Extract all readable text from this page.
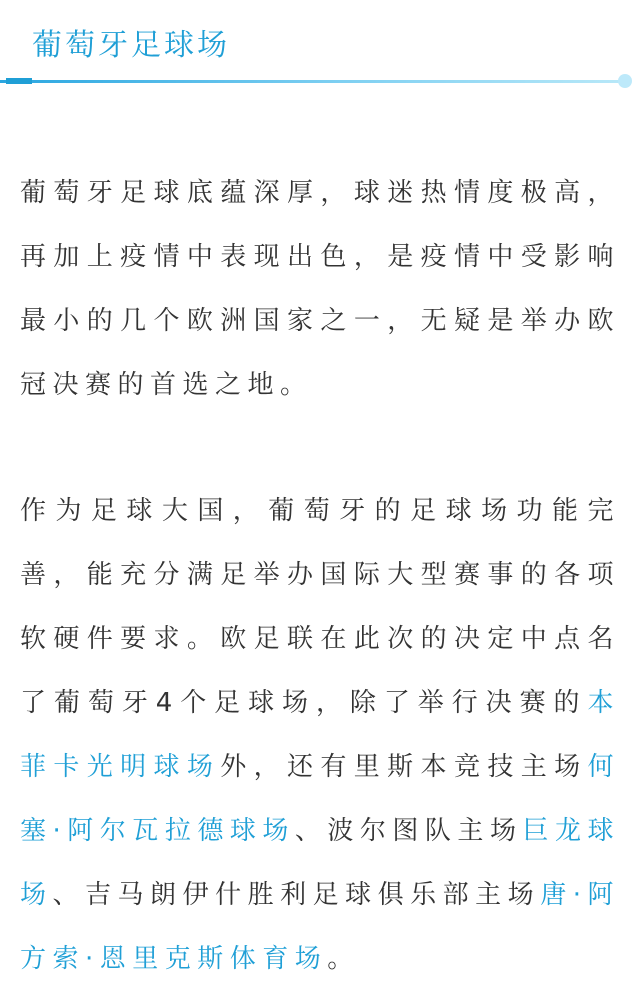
葡萄牙足球场

葡萄牙足球底蕴深厚，球迷热情度极高，再加上疫情中表现出色，是疫情中受影响最小的几个欧洲国家之一，无疑是举办欧冠决赛的首选之地。

作为足球大国，葡萄牙的足球场功能完善，能充分满足举办国际大型赛事的各项软硬件要求。欧足联在此次的决定中点名了葡萄牙4个足球场，除了举行决赛的本菲卡光明球场外，还有里斯本竞技主场何塞·阿尔瓦拉德球场、波尔图队主场巨龙球场、吉马朗伊什胜利足球俱乐部主场唐·阿方索·恩里克斯体育场。
